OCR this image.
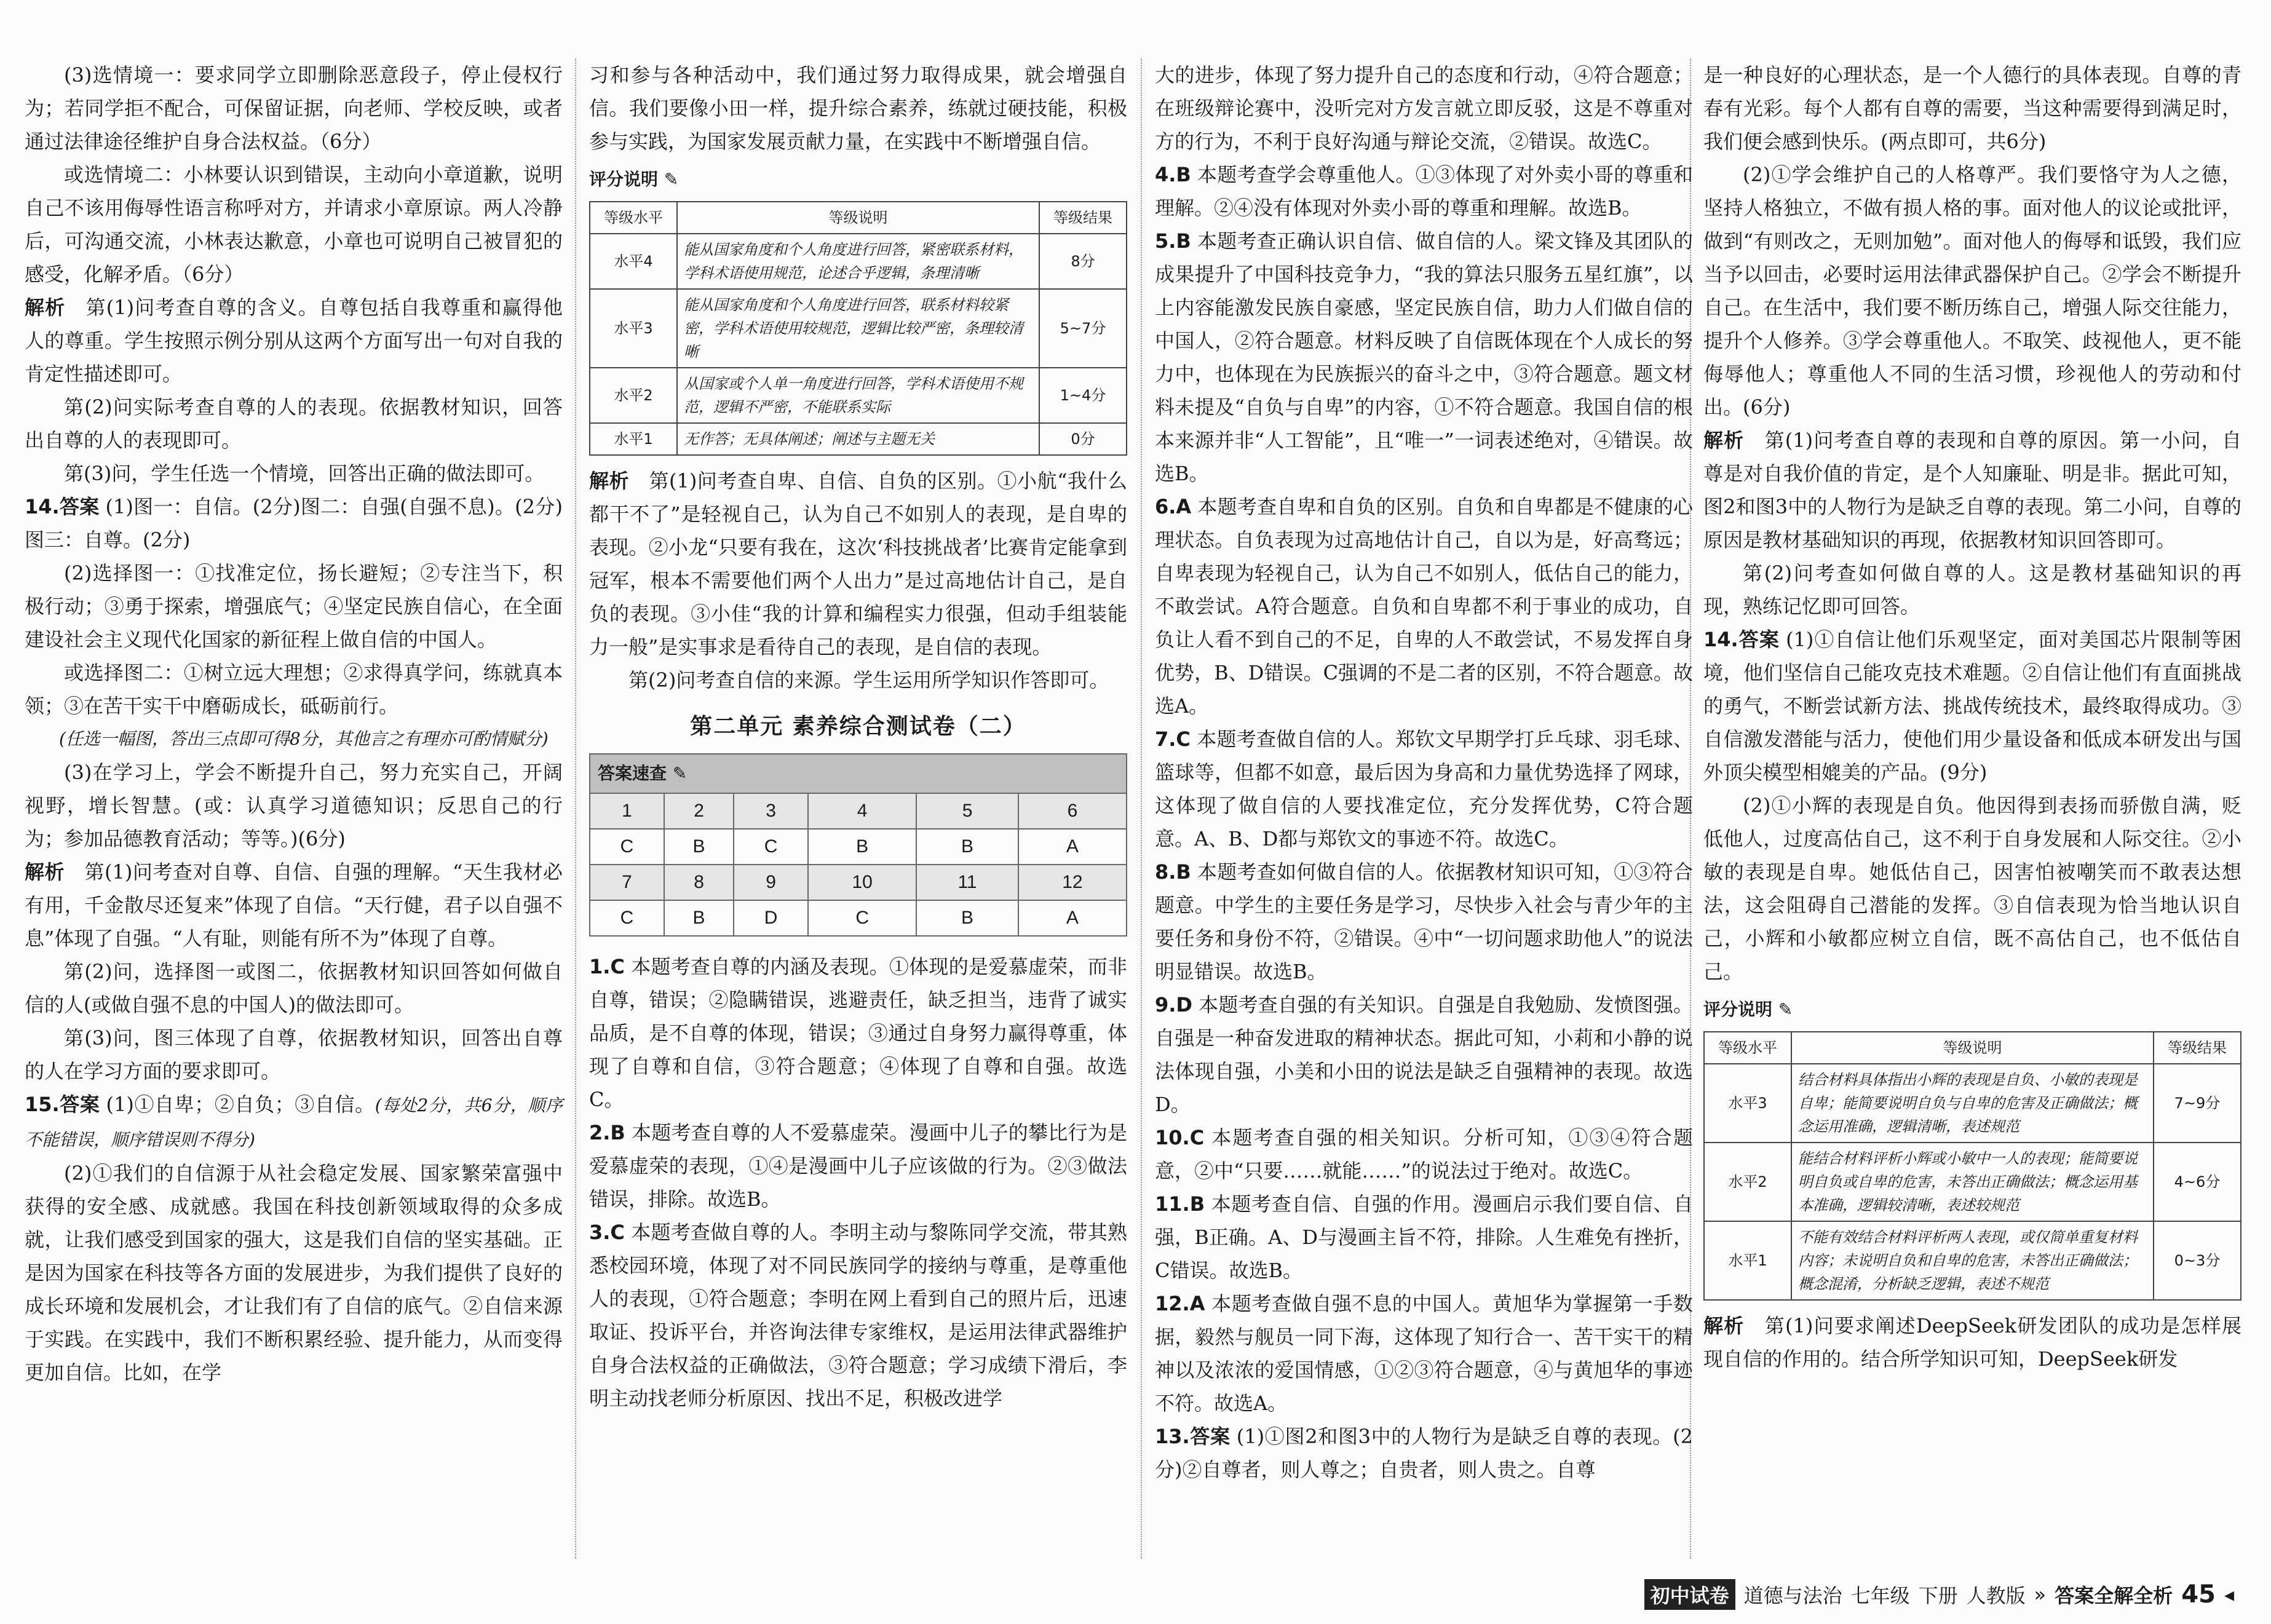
(3)选情境一：要求同学立即删除恶意段子，停止侵权行为；若同学拒不配合，可保留证据，向老师、学校反映，或者通过法律途径维护自身合法权益。（6分）

或选情境二：小林要认识到错误，主动向小章道歉，说明自己不该用侮辱性语言称呼对方，并请求小章原谅。两人冷静后，可沟通交流，小林表达歉意，小章也可说明自己被冒犯的感受，化解矛盾。（6分）

解析　 第(1)问考查自尊的含义。自尊包括自我尊重和赢得他人的尊重。学生按照示例分别从这两个方面写出一句对自我的肯定性描述即可。

第(2)问实际考查自尊的人的表现。依据教材知识，回答出自尊的人的表现即可。

第(3)问，学生任选一个情境，回答出正确的做法即可。

14.答案 (1)图一：自信。(2分)图二：自强(自强不息)。(2分)图三：自尊。(2分)

(2)选择图一：①找准定位，扬长避短；②专注当下，积极行动；③勇于探索，增强底气；④坚定民族自信心，在全面建设社会主义现代化国家的新征程上做自信的中国人。

或选择图二：①树立远大理想；②求得真学问，练就真本领；③在苦干实干中磨砺成长，砥砺前行。

(任选一幅图，答出三点即可得8分，其他言之有理亦可酌情赋分)

(3)在学习上，学会不断提升自己，努力充实自己，开阔视野，增长智慧。(或：认真学习道德知识；反思自己的行为；参加品德教育活动；等等。)(6分)

解析　 第(1)问考查对自尊、自信、自强的理解。“天生我材必有用，千金散尽还复来”体现了自信。“天行健，君子以自强不息”体现了自强。“人有耻，则能有所不为”体现了自尊。

第(2)问，选择图一或图二，依据教材知识回答如何做自信的人(或做自强不息的中国人)的做法即可。

第(3)问，图三体现了自尊，依据教材知识，回答出自尊的人在学习方面的要求即可。

15.答案 (1)①自卑；②自负；③自信。(每处2分，共6分，顺序不能错误，顺序错误则不得分)

(2)①我们的自信源于从社会稳定发展、国家繁荣富强中获得的安全感、成就感。我国在科技创新领域取得的众多成就，让我们感受到国家的强大，这是我们自信的坚实基础。正是因为国家在科技等各方面的发展进步，为我们提供了良好的成长环境和发展机会，才让我们有了自信的底气。②自信来源于实践。在实践中，我们不断积累经验、提升能力，从而变得更加自信。比如，在学

习和参与各种活动中，我们通过努力取得成果，就会增强自信。我们要像小田一样，提升综合素养，练就过硬技能，积极参与实践，为国家发展贡献力量，在实践中不断增强自信。

评分说明 ✎
等级水平	等级说明	等级结果
水平4	能从国家角度和个人角度进行回答，紧密联系材料，学科术语使用规范，论述合乎逻辑，条理清晰	8分
水平3	能从国家角度和个人角度进行回答，联系材料较紧密，学科术语使用较规范，逻辑比较严密，条理较清晰	5~7分
水平2	从国家或个人单一角度进行回答，学科术语使用不规范，逻辑不严密，不能联系实际	1~4分
水平1	无作答；无具体阐述；阐述与主题无关	0分

解析　 第(1)问考查自卑、自信、自负的区别。①小航“我什么都干不了”是轻视自己，认为自己不如别人的表现，是自卑的表现。②小龙“只要有我在，这次‘科技挑战者’比赛肯定能拿到冠军，根本不需要他们两个人出力”是过高地估计自己，是自负的表现。③小佳“我的计算和编程实力很强，但动手组装能力一般”是实事求是看待自己的表现，是自信的表现。

第(2)问考查自信的来源。学生运用所学知识作答即可。

第二单元 素养综合测试卷（二）
答案速查 ✎
1	2	3	4	5	6
C	B	C	B	B	A
7	8	9	10	11	12
C	B	D	C	B	A

1.C 本题考查自尊的内涵及表现。①体现的是爱慕虚荣，而非自尊，错误；②隐瞒错误，逃避责任，缺乏担当，违背了诚实品质，是不自尊的体现，错误；③通过自身努力赢得尊重，体现了自尊和自信，③符合题意；④体现了自尊和自强。故选C。

2.B 本题考查自尊的人不爱慕虚荣。漫画中儿子的攀比行为是爱慕虚荣的表现，①④是漫画中儿子应该做的行为。②③做法错误，排除。故选B。

3.C 本题考查做自尊的人。李明主动与黎陈同学交流，带其熟悉校园环境，体现了对不同民族同学的接纳与尊重，是尊重他人的表现，①符合题意；李明在网上看到自己的照片后，迅速取证、投诉平台，并咨询法律专家维权，是运用法律武器维护自身合法权益的正确做法，③符合题意；学习成绩下滑后，李明主动找老师分析原因、找出不足，积极改进学

大的进步，体现了努力提升自己的态度和行动，④符合题意；在班级辩论赛中，没听完对方发言就立即反驳，这是不尊重对方的行为，不利于良好沟通与辩论交流，②错误。故选C。

4.B 本题考查学会尊重他人。①③体现了对外卖小哥的尊重和理解。②④没有体现对外卖小哥的尊重和理解。故选B。

5.B 本题考查正确认识自信、做自信的人。梁文锋及其团队的成果提升了中国科技竞争力，“我的算法只服务五星红旗”，以上内容能激发民族自豪感，坚定民族自信，助力人们做自信的中国人，②符合题意。材料反映了自信既体现在个人成长的努力中，也体现在为民族振兴的奋斗之中，③符合题意。题文材料未提及“自负与自卑”的内容，①不符合题意。我国自信的根本来源并非“人工智能”，且“唯一”一词表述绝对，④错误。故选B。

6.A 本题考查自卑和自负的区别。自负和自卑都是不健康的心理状态。自负表现为过高地估计自己，自以为是，好高骛远；自卑表现为轻视自己，认为自己不如别人，低估自己的能力，不敢尝试。A符合题意。自负和自卑都不利于事业的成功，自负让人看不到自己的不足，自卑的人不敢尝试，不易发挥自身优势，B、D错误。C强调的不是二者的区别，不符合题意。故选A。

7.C 本题考查做自信的人。郑钦文早期学打乒乓球、羽毛球、篮球等，但都不如意，最后因为身高和力量优势选择了网球，这体现了做自信的人要找准定位，充分发挥优势，C符合题意。A、B、D都与郑钦文的事迹不符。故选C。

8.B 本题考查如何做自信的人。依据教材知识可知，①③符合题意。中学生的主要任务是学习，尽快步入社会与青少年的主要任务和身份不符，②错误。④中“一切问题求助他人”的说法明显错误。故选B。

9.D 本题考查自强的有关知识。自强是自我勉励、发愤图强。自强是一种奋发进取的精神状态。据此可知，小莉和小静的说法体现自强，小美和小田的说法是缺乏自强精神的表现。故选D。

10.C 本题考查自强的相关知识。分析可知，①③④符合题意，②中“只要……就能……”的说法过于绝对。故选C。

11.B 本题考查自信、自强的作用。漫画启示我们要自信、自强，B正确。A、D与漫画主旨不符，排除。人生难免有挫折，C错误。故选B。

12.A 本题考查做自强不息的中国人。黄旭华为掌握第一手数据，毅然与舰员一同下海，这体现了知行合一、苦干实干的精神以及浓浓的爱国情感，①②③符合题意，④与黄旭华的事迹不符。故选A。

13.答案 (1)①图2和图3中的人物行为是缺乏自尊的表现。(2分)②自尊者，则人尊之；自贵者，则人贵之。自尊

是一种良好的心理状态，是一个人德行的具体表现。自尊的青春有光彩。每个人都有自尊的需要，当这种需要得到满足时，我们便会感到快乐。(两点即可，共6分)

(2)①学会维护自己的人格尊严。我们要恪守为人之德，坚持人格独立，不做有损人格的事。面对他人的议论或批评，做到“有则改之，无则加勉”。面对他人的侮辱和诋毁，我们应当予以回击，必要时运用法律武器保护自己。②学会不断提升自己。在生活中，我们要不断历练自己，增强人际交往能力，提升个人修养。③学会尊重他人。不取笑、歧视他人，更不能侮辱他人；尊重他人不同的生活习惯，珍视他人的劳动和付出。(6分)

解析　 第(1)问考查自尊的表现和自尊的原因。第一小问，自尊是对自我价值的肯定，是个人知廉耻、明是非。据此可知，图2和图3中的人物行为是缺乏自尊的表现。第二小问，自尊的原因是教材基础知识的再现，依据教材知识回答即可。

第(2)问考查如何做自尊的人。这是教材基础知识的再现，熟练记忆即可回答。

14.答案 (1)①自信让他们乐观坚定，面对美国芯片限制等困境，他们坚信自己能攻克技术难题。②自信让他们有直面挑战的勇气，不断尝试新方法、挑战传统技术，最终取得成功。③自信激发潜能与活力，使他们用少量设备和低成本研发出与国外顶尖模型相媲美的产品。(9分)

(2)①小辉的表现是自负。他因得到表扬而骄傲自满，贬低他人，过度高估自己，这不利于自身发展和人际交往。②小敏的表现是自卑。她低估自己，因害怕被嘲笑而不敢表达想法，这会阻碍自己潜能的发挥。③自信表现为恰当地认识自己，小辉和小敏都应树立自信，既不高估自己，也不低估自己。

评分说明 ✎
等级水平	等级说明	等级结果
水平3	结合材料具体指出小辉的表现是自负、小敏的表现是自卑；能简要说明自负与自卑的危害及正确做法；概念运用准确，逻辑清晰，表述规范	7~9分
水平2	能结合材料评析小辉或小敏中一人的表现；能简要说明自负或自卑的危害，未答出正确做法；概念运用基本准确，逻辑较清晰，表述较规范	4~6分
水平1	不能有效结合材料评析两人表现，或仅简单重复材料内容；未说明自负和自卑的危害，未答出正确做法；概念混淆，分析缺乏逻辑，表述不规范	0~3分

解析　 第(1)问要求阐述DeepSeek研发团队的成功是怎样展现自信的作用的。结合所学知识可知，DeepSeek研发

初中试卷 道德与法治 七年级 下册 人教版 » 答案全解全析 45 ◂
